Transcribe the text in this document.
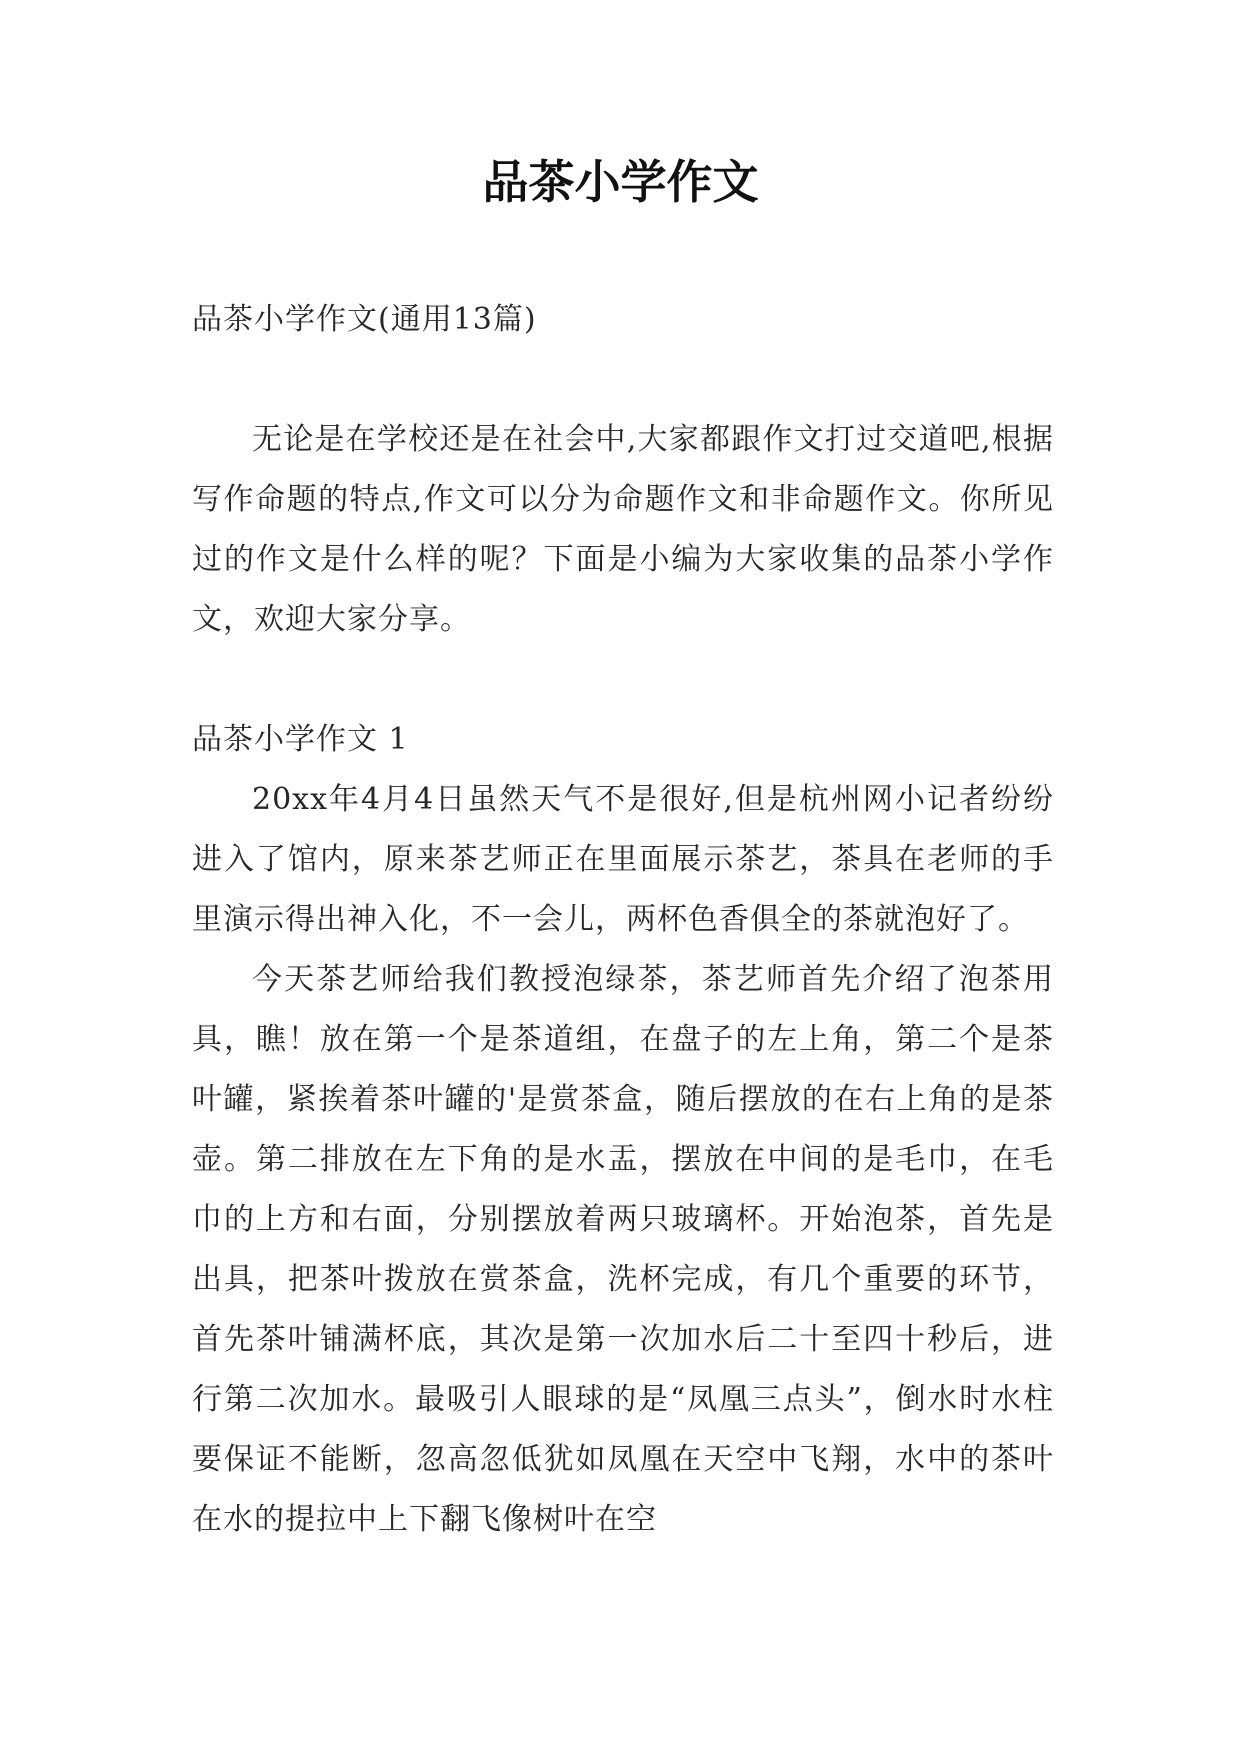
品茶小学作文

品茶小学作文(通用13篇)

无论是在学校还是在社会中,大家都跟作文打过交道吧,根据写作命题的特点,作文可以分为命题作文和非命题作文。你所见过的作文是什么样的呢？下面是小编为大家收集的品茶小学作文，欢迎大家分享。

品茶小学作文 1

20xx年4月4日虽然天气不是很好,但是杭州网小记者纷纷进入了馆内，原来茶艺师正在里面展示茶艺，茶具在老师的手里演示得出神入化，不一会儿，两杯色香俱全的茶就泡好了。

今天茶艺师给我们教授泡绿茶，茶艺师首先介绍了泡茶用具，瞧！放在第一个是茶道组，在盘子的左上角，第二个是茶叶罐，紧挨着茶叶罐的'是赏茶盒，随后摆放的在右上角的是茶壶。第二排放在左下角的是水盂，摆放在中间的是毛巾，在毛巾的上方和右面，分别摆放着两只玻璃杯。开始泡茶，首先是出具，把茶叶拨放在赏茶盒，洗杯完成，有几个重要的环节，首先茶叶铺满杯底，其次是第一次加水后二十至四十秒后，进行第二次加水。最吸引人眼球的是“凤凰三点头”，倒水时水柱要保证不能断，忽高忽低犹如凤凰在天空中飞翔，水中的茶叶在水的提拉中上下翻飞像树叶在空
